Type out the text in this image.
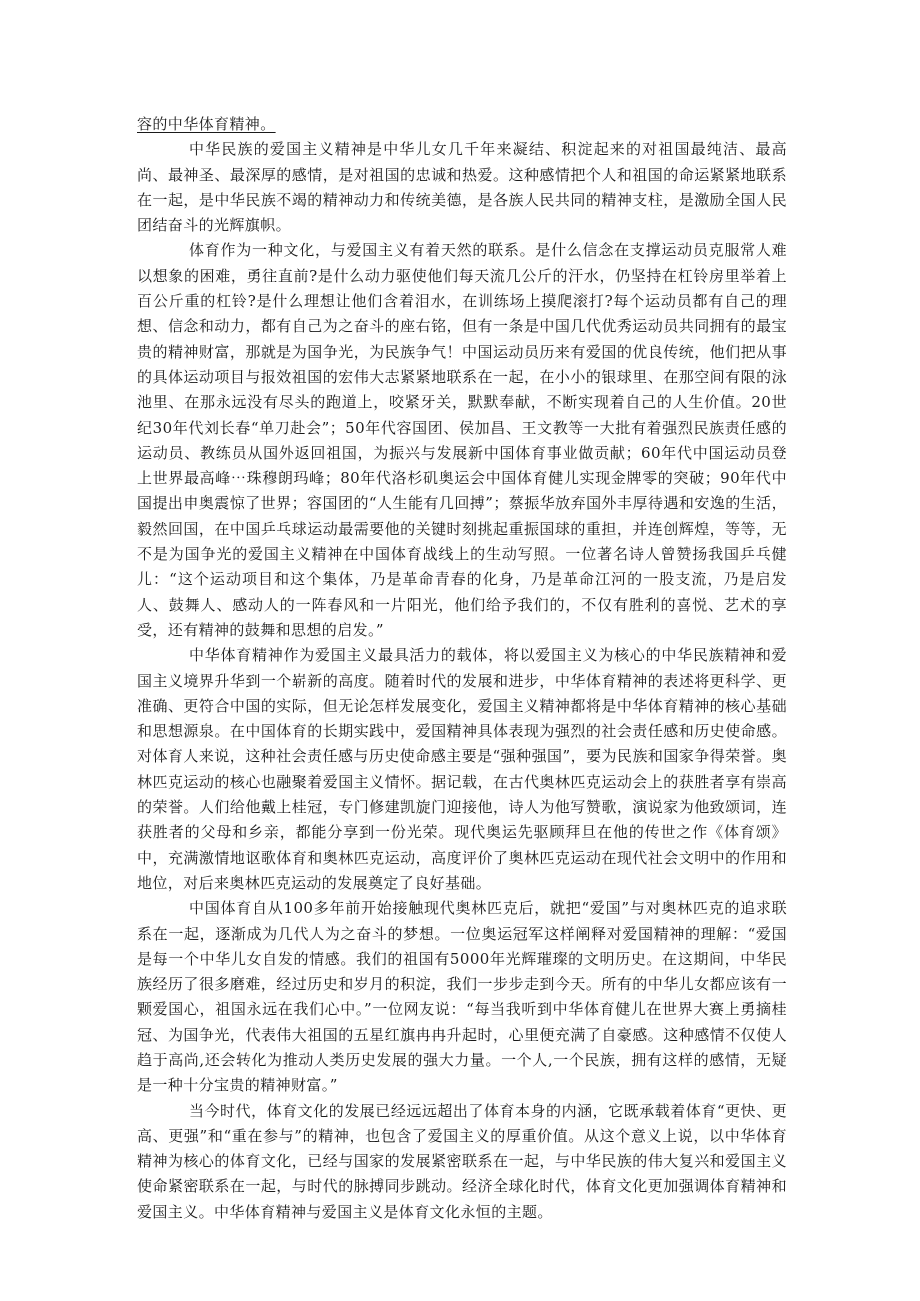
容的中华体育精神。

中华民族的爱国主义精神是中华儿女几千年来凝结、积淀起来的对祖国最纯洁、最高尚、最神圣、最深厚的感情，是对祖国的忠诚和热爱。这种感情把个人和祖国的命运紧紧地联系在一起，是中华民族不竭的精神动力和传统美德，是各族人民共同的精神支柱，是激励全国人民团结奋斗的光辉旗帜。

体育作为一种文化，与爱国主义有着天然的联系。是什么信念在支撑运动员克服常人难以想象的困难，勇往直前?是什么动力驱使他们每天流几公斤的汗水，仍坚持在杠铃房里举着上百公斤重的杠铃?是什么理想让他们含着泪水，在训练场上摸爬滚打?每个运动员都有自己的理想、信念和动力，都有自己为之奋斗的座右铭，但有一条是中国几代优秀运动员共同拥有的最宝贵的精神财富，那就是为国争光，为民族争气！中国运动员历来有爱国的优良传统，他们把从事的具体运动项目与报效祖国的宏伟大志紧紧地联系在一起，在小小的银球里、在那空间有限的泳池里、在那永远没有尽头的跑道上，咬紧牙关，默默奉献，不断实现着自己的人生价值。20世纪30年代刘长春“单刀赴会”；50年代容国团、侯加昌、王文教等一大批有着强烈民族责任感的运动员、教练员从国外返回祖国，为振兴与发展新中国体育事业做贡献；60年代中国运动员登上世界最高峰⋯珠穆朗玛峰；80年代洛杉矶奥运会中国体育健儿实现金牌零的突破；90年代中国提出申奥震惊了世界；容国团的“人生能有几回搏”；蔡振华放弃国外丰厚待遇和安逸的生活，毅然回国，在中国乒乓球运动最需要他的关键时刻挑起重振国球的重担，并连创辉煌，等等，无不是为国争光的爱国主义精神在中国体育战线上的生动写照。一位著名诗人曾赞扬我国乒乓健儿：“这个运动项目和这个集体，乃是革命青春的化身，乃是革命江河的一股支流，乃是启发人、鼓舞人、感动人的一阵春风和一片阳光，他们给予我们的，不仅有胜利的喜悦、艺术的享受，还有精神的鼓舞和思想的启发。”

中华体育精神作为爱国主义最具活力的载体，将以爱国主义为核心的中华民族精神和爱国主义境界升华到一个崭新的高度。随着时代的发展和进步，中华体育精神的表述将更科学、更准确、更符合中国的实际，但无论怎样发展变化，爱国主义精神都将是中华体育精神的核心基础和思想源泉。在中国体育的长期实践中，爱国精神具体表现为强烈的社会责任感和历史使命感。对体育人来说，这种社会责任感与历史使命感主要是“强种强国”，要为民族和国家争得荣誉。奥林匹克运动的核心也融聚着爱国主义情怀。据记载，在古代奥林匹克运动会上的获胜者享有崇高的荣誉。人们给他戴上桂冠，专门修建凯旋门迎接他，诗人为他写赞歌，演说家为他致颂词，连获胜者的父母和乡亲，都能分享到一份光荣。现代奥运先驱顾拜旦在他的传世之作《体育颂》中，充满激情地讴歌体育和奥林匹克运动，高度评价了奥林匹克运动在现代社会文明中的作用和地位，对后来奥林匹克运动的发展奠定了良好基础。

中国体育自从100多年前开始接触现代奥林匹克后，就把“爱国”与对奥林匹克的追求联系在一起，逐渐成为几代人为之奋斗的梦想。一位奥运冠军这样阐释对爱国精神的理解：“爱国是每一个中华儿女自发的情感。我们的祖国有5000年光辉璀璨的文明历史。在这期间，中华民族经历了很多磨难，经过历史和岁月的积淀，我们一步步走到今天。所有的中华儿女都应该有一颗爱国心，祖国永远在我们心中。”一位网友说：“每当我听到中华体育健儿在世界大赛上勇摘桂冠、为国争光，代表伟大祖国的五星红旗冉冉升起时，心里便充满了自豪感。这种感情不仅使人趋于高尚,还会转化为推动人类历史发展的强大力量。一个人,一个民族，拥有这样的感情，无疑是一种十分宝贵的精神财富。”

当今时代，体育文化的发展已经远远超出了体育本身的内涵，它既承载着体育“更快、更高、更强”和“重在参与”的精神，也包含了爱国主义的厚重价值。从这个意义上说，以中华体育精神为核心的体育文化，已经与国家的发展紧密联系在一起，与中华民族的伟大复兴和爱国主义使命紧密联系在一起，与时代的脉搏同步跳动。经济全球化时代，体育文化更加强调体育精神和爱国主义。中华体育精神与爱国主义是体育文化永恒的主题。
